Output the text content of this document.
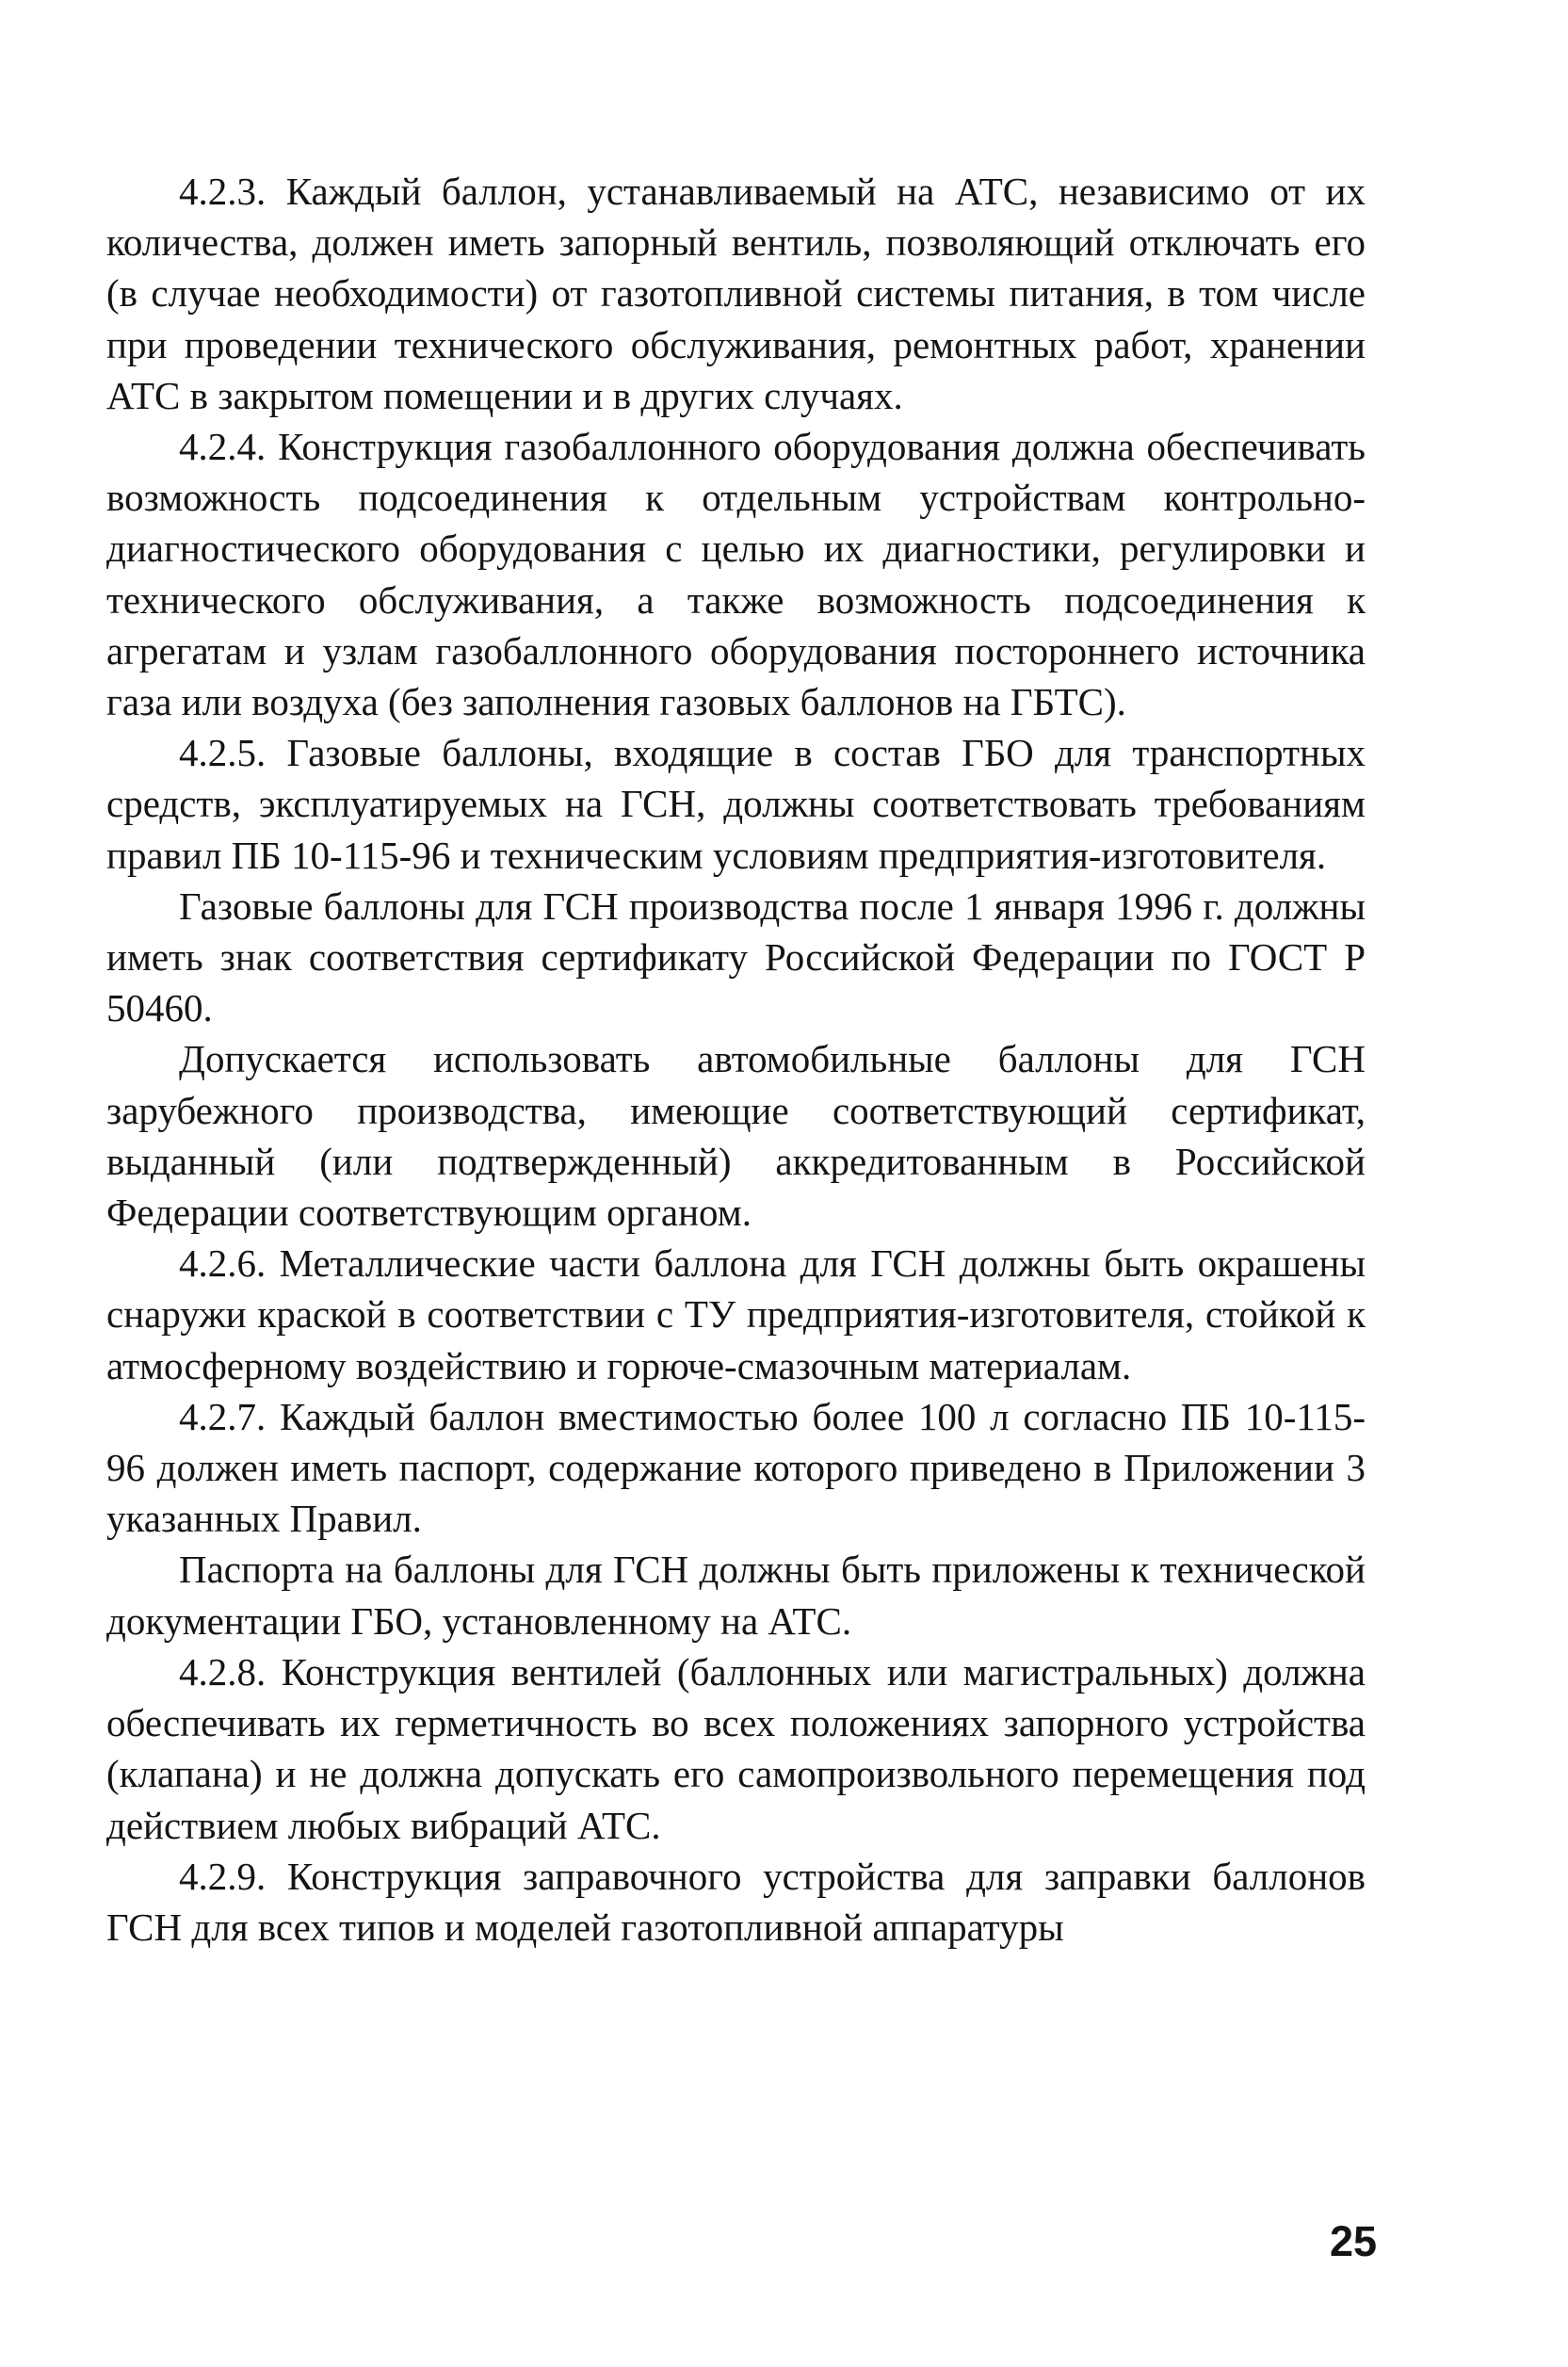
4.2.3. Каждый баллон, устанавливаемый на АТС, независимо от их количества, должен иметь запорный вентиль, позволяющий отключать его (в случае необходимости) от газотопливной системы питания, в том числе при проведении технического обслуживания, ремонтных работ, хранении АТС в закрытом помещении и в других случаях.

4.2.4. Конструкция газобаллонного оборудования должна обеспечивать возможность подсоединения к отдельным устройствам контрольно-диагностического оборудования с целью их диагностики, регулировки и технического обслуживания, а также возможность подсоединения к агрегатам и узлам газобаллонного оборудования постороннего источника газа или воздуха (без заполнения газовых баллонов на ГБТС).

4.2.5. Газовые баллоны, входящие в состав ГБО для транспортных средств, эксплуатируемых на ГСН, должны соответствовать требованиям правил ПБ 10-115-96 и техническим условиям предприятия-изготовителя.

Газовые баллоны для ГСН производства после 1 января 1996 г. должны иметь знак соответствия сертификату Российской Федерации по ГОСТ Р 50460.

Допускается использовать автомобильные баллоны для ГСН зарубежного производства, имеющие соответствующий сертификат, выданный (или подтвержденный) аккредитованным в Российской Федерации соответствующим органом.

4.2.6. Металлические части баллона для ГСН должны быть окрашены снаружи краской в соответствии с ТУ предприятия-изготовителя, стойкой к атмосферному воздействию и горюче-смазочным материалам.

4.2.7. Каждый баллон вместимостью более 100 л согласно ПБ 10-115-96 должен иметь паспорт, содержание которого приведено в Приложении 3 указанных Правил.

Паспорта на баллоны для ГСН должны быть приложены к технической документации ГБО, установленному на АТС.

4.2.8. Конструкция вентилей (баллонных или магистральных) должна обеспечивать их герметичность во всех положениях запорного устройства (клапана) и не должна допускать его самопроизвольного перемещения под действием любых вибраций АТС.

4.2.9. Конструкция заправочного устройства для заправки баллонов ГСН для всех типов и моделей газотопливной аппаратуры

25
